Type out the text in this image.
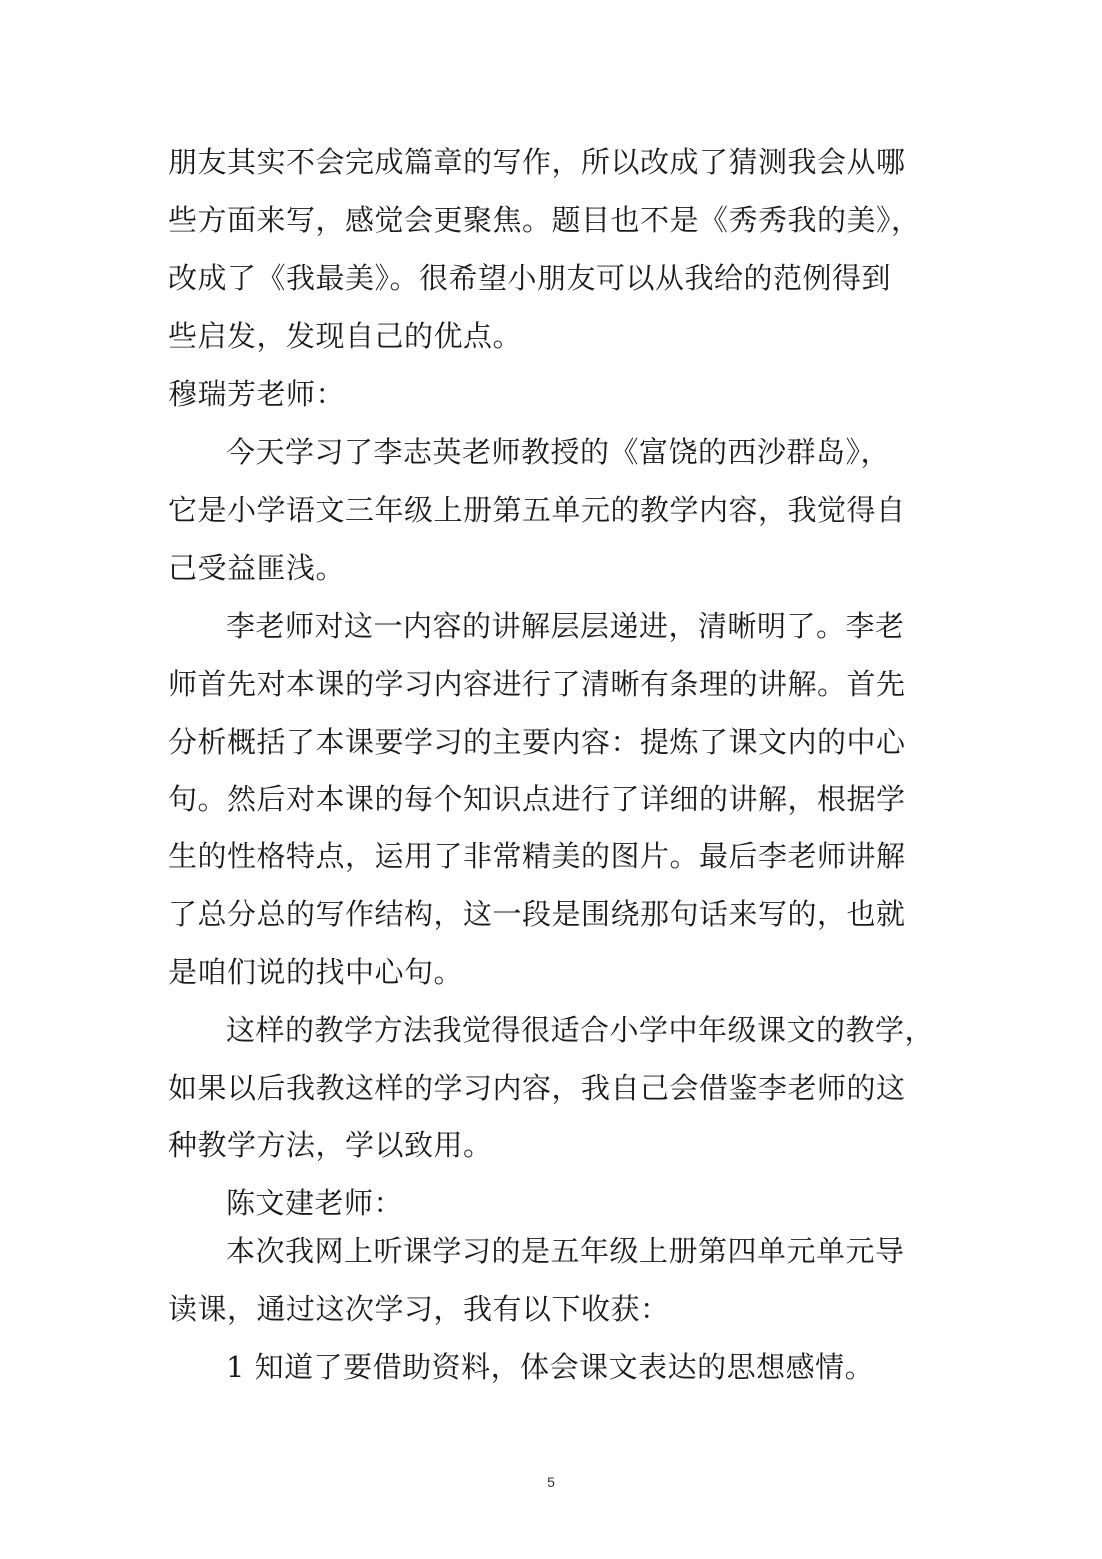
朋友其实不会完成篇章的写作，所以改成了猜测我会从哪
些方面来写，感觉会更聚焦。题目也不是《秀秀我的美》，
改成了《我最美》。很希望小朋友可以从我给的范例得到
些启发，发现自己的优点。
穆瑞芳老师：
今天学习了李志英老师教授的《富饶的西沙群岛》，
它是小学语文三年级上册第五单元的教学内容，我觉得自
己受益匪浅。
李老师对这一内容的讲解层层递进，清晰明了。李老
师首先对本课的学习内容进行了清晰有条理的讲解。首先
分析概括了本课要学习的主要内容：提炼了课文内的中心
句。然后对本课的每个知识点进行了详细的讲解，根据学
生的性格特点，运用了非常精美的图片。最后李老师讲解
了总分总的写作结构，这一段是围绕那句话来写的，也就
是咱们说的找中心句。
这样的教学方法我觉得很适合小学中年级课文的教学，
如果以后我教这样的学习内容，我自己会借鉴李老师的这
种教学方法，学以致用。
陈文建老师：
本次我网上听课学习的是五年级上册第四单元单元导
读课，通过这次学习，我有以下收获：
1 知道了要借助资料，体会课文表达的思想感情。
5
